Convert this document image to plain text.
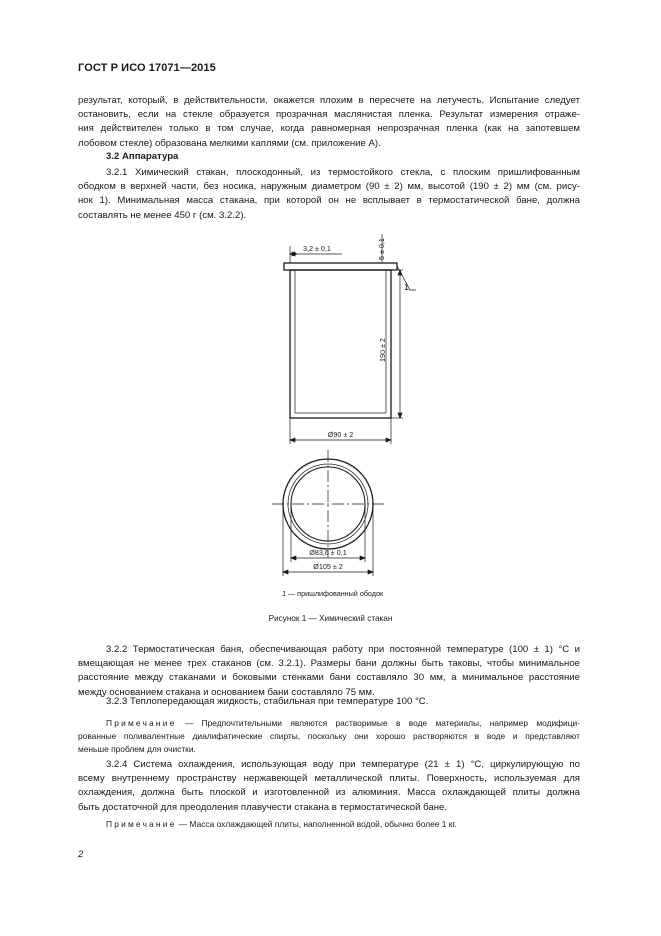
ГОСТ Р ИСО 17071—2015
результат, который, в действительности, окажется плохим в пересчете на летучесть. Испытание следует
остановить, если на стекле образуется прозрачная маслянистая пленка. Результат измерения отраже-
ния действителен только в том случае, когда равномерная непрозрачная пленка (как на запотевшем
лобовом стекле) образована мелкими каплями (см. приложение А).
3.2 Аппаратура
3.2.1 Химический стакан, плоскодонный, из термостойкого стекла, с плоским пришлифованным
ободком в верхней части, без носика, наружным диаметром (90 ± 2) мм, высотой (190 ± 2) мм (см. рису-
нок 1). Минимальная масса стакана, при которой он не всплывает в термостатической бане, должна
составлять не менее 450 г (см. 3.2.2).
3,2 ± 0,1	5 ± 0,1
190 ± 2
1
Ø90 ± 2
Ø83,6 ± 0,1
Ø105 ± 2
1 — пришлифованный ободок
Рисунок 1 — Химический стакан
3.2.2 Термостатическая баня, обеспечивающая работу при постоянной температуре (100 ± 1) °C и
вмещающая не менее трех стаканов (см. 3.2.1). Размеры бани должны быть таковы, чтобы минимальное
расстояние между стаканами и боковыми стенками бани составляло 30 мм, а минимальное расстояние
между основанием стакана и основанием бани составляло 75 мм.
3.2.3 Теплопередающая жидкость, стабильная при температуре 100 °C.
Примечание — Предпочтительными являются растворимые в воде материалы, например модифици-
рованные поливалентные диалифатические спирты, поскольку они хорошо растворяются в воде и представляют
меньше проблем для очистки.
3.2.4 Система охлаждения, использующая воду при температуре (21 ± 1) °C, циркулирующую по
всему внутреннему пространству нержавеющей металлической плиты. Поверхность, используемая для
охлаждения, должна быть плоской и изготовленной из алюминия. Масса охлаждающей плиты должна
быть достаточной для преодоления плавучести стакана в термостатической бане.
Примечание — Масса охлаждающей плиты, наполненной водой, обычно более 1 кг.
2
